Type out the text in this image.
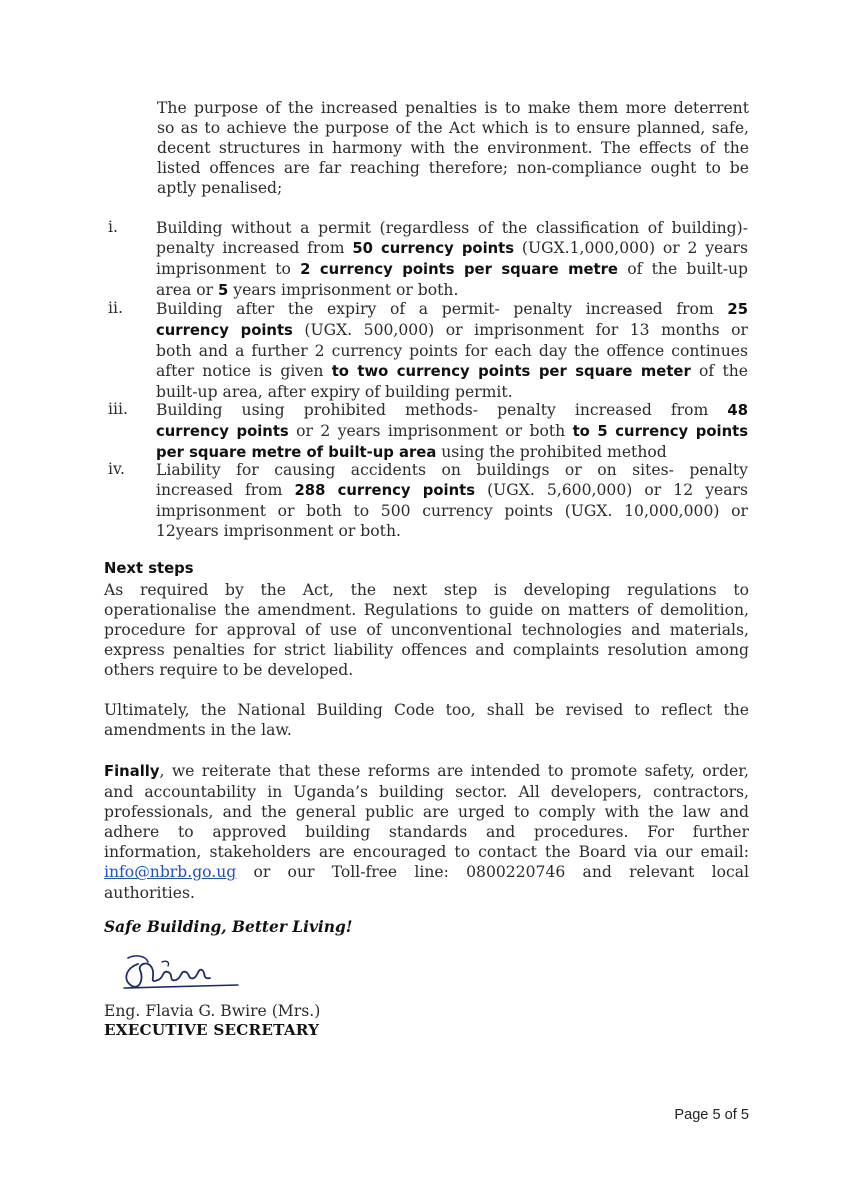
The purpose of the increased penalties is to make them more deterrent
so as to achieve the purpose of the Act which is to ensure planned, safe,
decent structures in harmony with the environment. The effects of the
listed offences are far reaching therefore; non-compliance ought to be
aptly penalised;
i. Building without a permit (regardless of the classification of building)-
penalty increased from 50 currency points (UGX.1,000,000) or 2 years
imprisonment to 2 currency points per square metre of the built-up
area or 5 years imprisonment or both.
ii. Building after the expiry of a permit- penalty increased from 25
currency points (UGX. 500,000) or imprisonment for 13 months or
both and a further 2 currency points for each day the offence continues
after notice is given to two currency points per square meter of the
built-up area, after expiry of building permit.
iii. Building using prohibited methods- penalty increased from 48
currency points or 2 years imprisonment or both to 5 currency points
per square metre of built-up area using the prohibited method
iv. Liability for causing accidents on buildings or on sites- penalty
increased from 288 currency points (UGX. 5,600,000) or 12 years
imprisonment or both to 500 currency points (UGX. 10,000,000) or
12years imprisonment or both.
Next steps
As required by the Act, the next step is developing regulations to
operationalise the amendment. Regulations to guide on matters of demolition,
procedure for approval of use of unconventional technologies and materials,
express penalties for strict liability offences and complaints resolution among
others require to be developed.
Ultimately, the National Building Code too, shall be revised to reflect the
amendments in the law.
Finally, we reiterate that these reforms are intended to promote safety, order,
and accountability in Uganda’s building sector. All developers, contractors,
professionals, and the general public are urged to comply with the law and
adhere to approved building standards and procedures. For further
information, stakeholders are encouraged to contact the Board via our email:
info@nbrb.go.ug or our Toll-free line: 0800220746 and relevant local
authorities.
Safe Building, Better Living!
Eng. Flavia G. Bwire (Mrs.)
EXECUTIVE SECRETARY
Page 5 of 5
